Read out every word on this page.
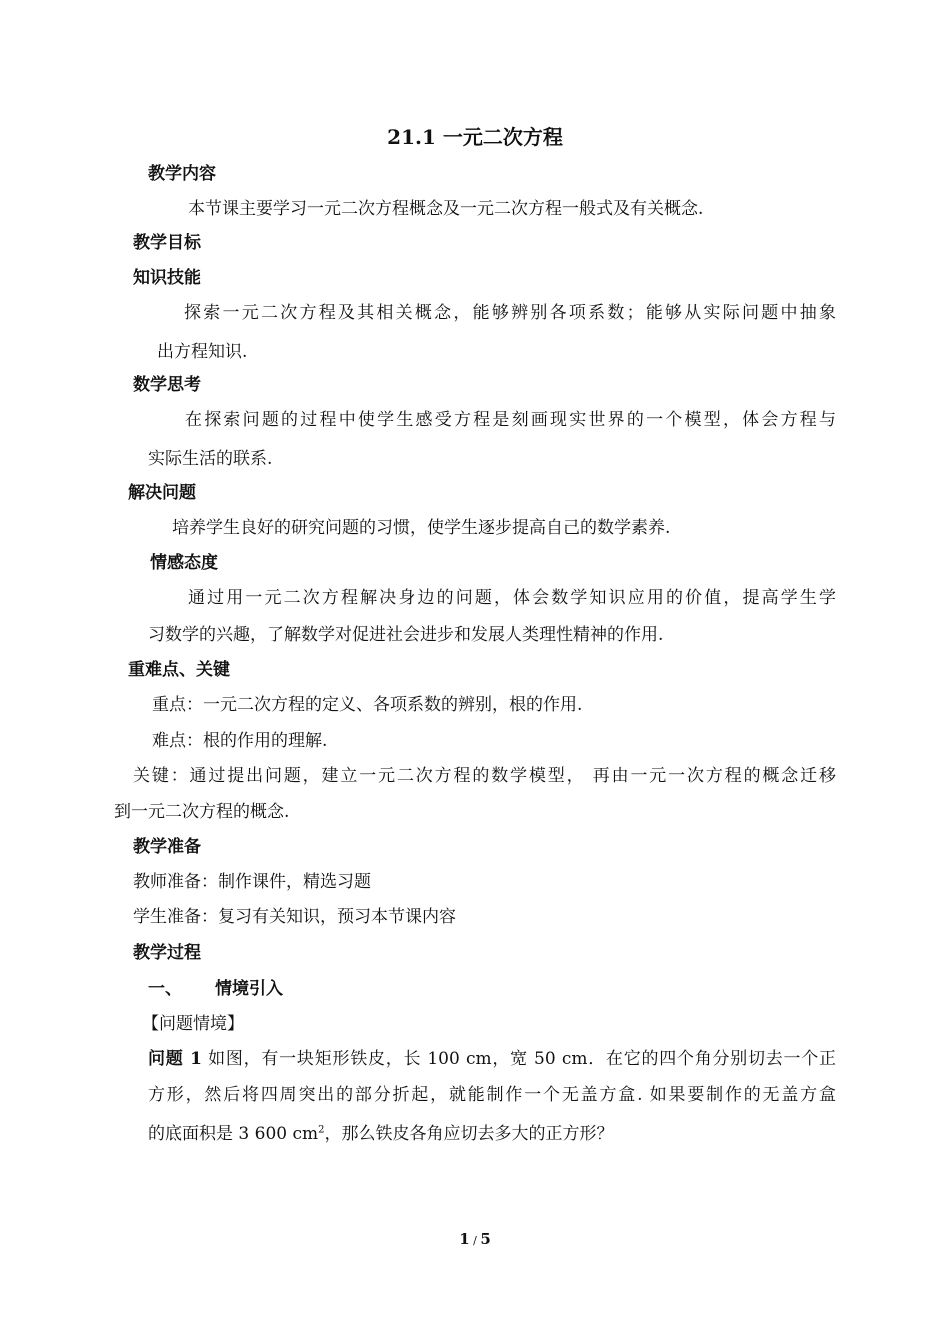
21.1 一元二次方程
教学内容
本节课主要学习一元二次方程概念及一元二次方程一般式及有关概念.
教学目标
知识技能
探索一元二次方程及其相关概念，能够辨别各项系数；能够从实际问题中抽象
出方程知识.
数学思考
在探索问题的过程中使学生感受方程是刻画现实世界的一个模型，体会方程与
实际生活的联系.
解决问题
培养学生良好的研究问题的习惯，使学生逐步提高自己的数学素养.
情感态度
通过用一元二次方程解决身边的问题，体会数学知识应用的价值，提高学生学
习数学的兴趣，了解数学对促进社会进步和发展人类理性精神的作用.
重难点、关键
重点：一元二次方程的定义、各项系数的辨别，根的作用.
难点：根的作用的理解.
关键：通过提出问题，建立一元二次方程的数学模型， 再由一元一次方程的概念迁移
到一元二次方程的概念.
教学准备
教师准备：制作课件，精选习题
学生准备：复习有关知识，预习本节课内容
教学过程
一、 情境引入
【问题情境】
问题 1 如图，有一块矩形铁皮，长 100 cm，宽 50 cm．在它的四个角分别切去一个正
方形，然后将四周突出的部分折起，就能制作一个无盖方盒. 如果要制作的无盖方盒
的底面积是 3 600 $cm^2$，那么铁皮各角应切去多大的正方形？
1 / 5
